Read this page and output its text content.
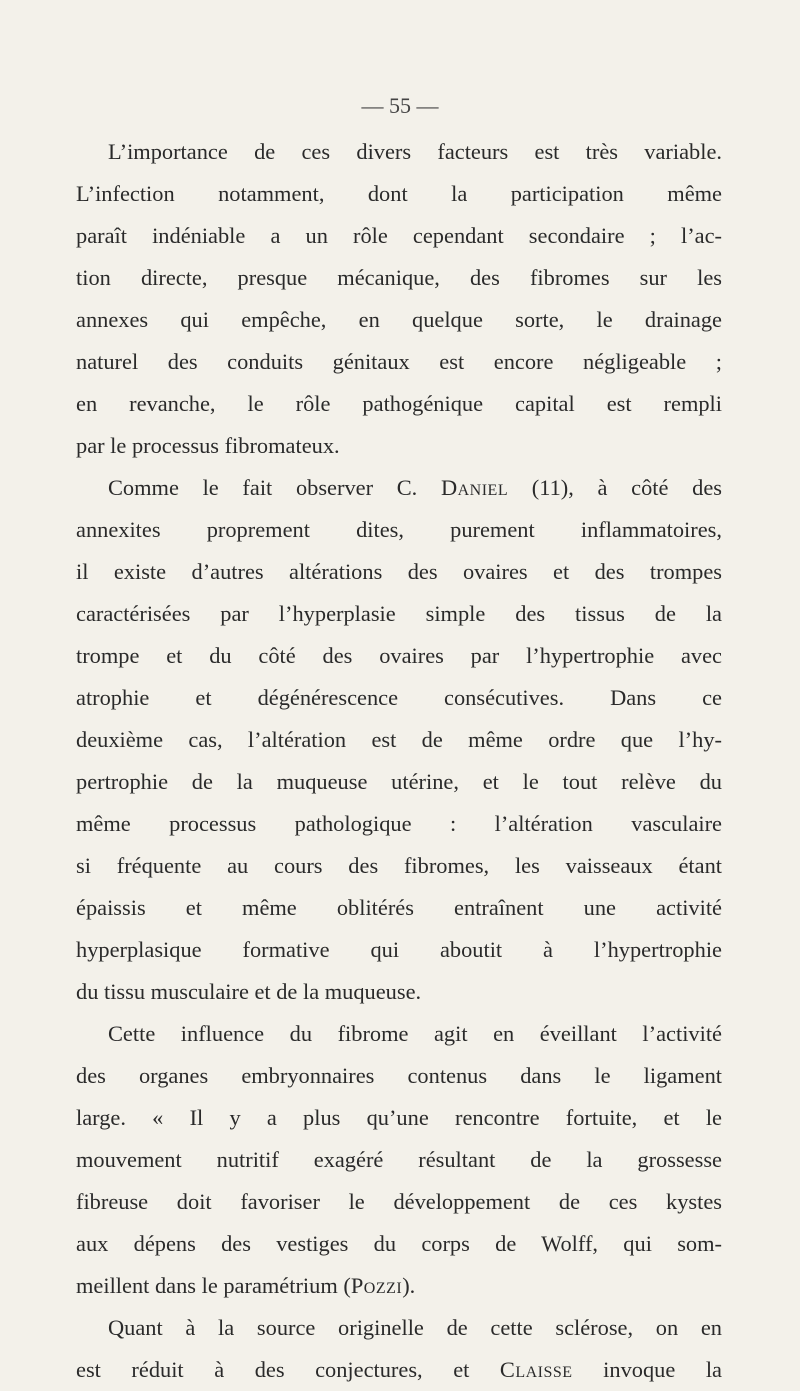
— 55 —
L’importance de ces divers facteurs est très variable.
L’infection notamment, dont la participation même
paraît indéniable a un rôle cependant secondaire ; l’ac-
tion directe, presque mécanique, des fibromes sur les
annexes qui empêche, en quelque sorte, le drainage
naturel des conduits génitaux est encore négligeable ;
en revanche, le rôle pathogénique capital est rempli
par le processus fibromateux.
Comme le fait observer C. Daniel (11), à côté des
annexites proprement dites, purement inflammatoires,
il existe d’autres altérations des ovaires et des trompes
caractérisées par l’hyperplasie simple des tissus de la
trompe et du côté des ovaires par l’hypertrophie avec
atrophie et dégénérescence consécutives. Dans ce
deuxième cas, l’altération est de même ordre que l’hy-
pertrophie de la muqueuse utérine, et le tout relève du
même processus pathologique : l’altération vasculaire
si fréquente au cours des fibromes, les vaisseaux étant
épaissis et même oblitérés entraînent une activité
hyperplasique formative qui aboutit à l’hypertrophie
du tissu musculaire et de la muqueuse.
Cette influence du fibrome agit en éveillant l’activité
des organes embryonnaires contenus dans le ligament
large. « Il y a plus qu’une rencontre fortuite, et le
mouvement nutritif exagéré résultant de la grossesse
fibreuse doit favoriser le développement de ces kystes
aux dépens des vestiges du corps de Wolff, qui som-
meillent dans le paramétrium (Pozzi).
Quant à la source originelle de cette sclérose, on en
est réduit à des conjectures, et Claisse invoque la
